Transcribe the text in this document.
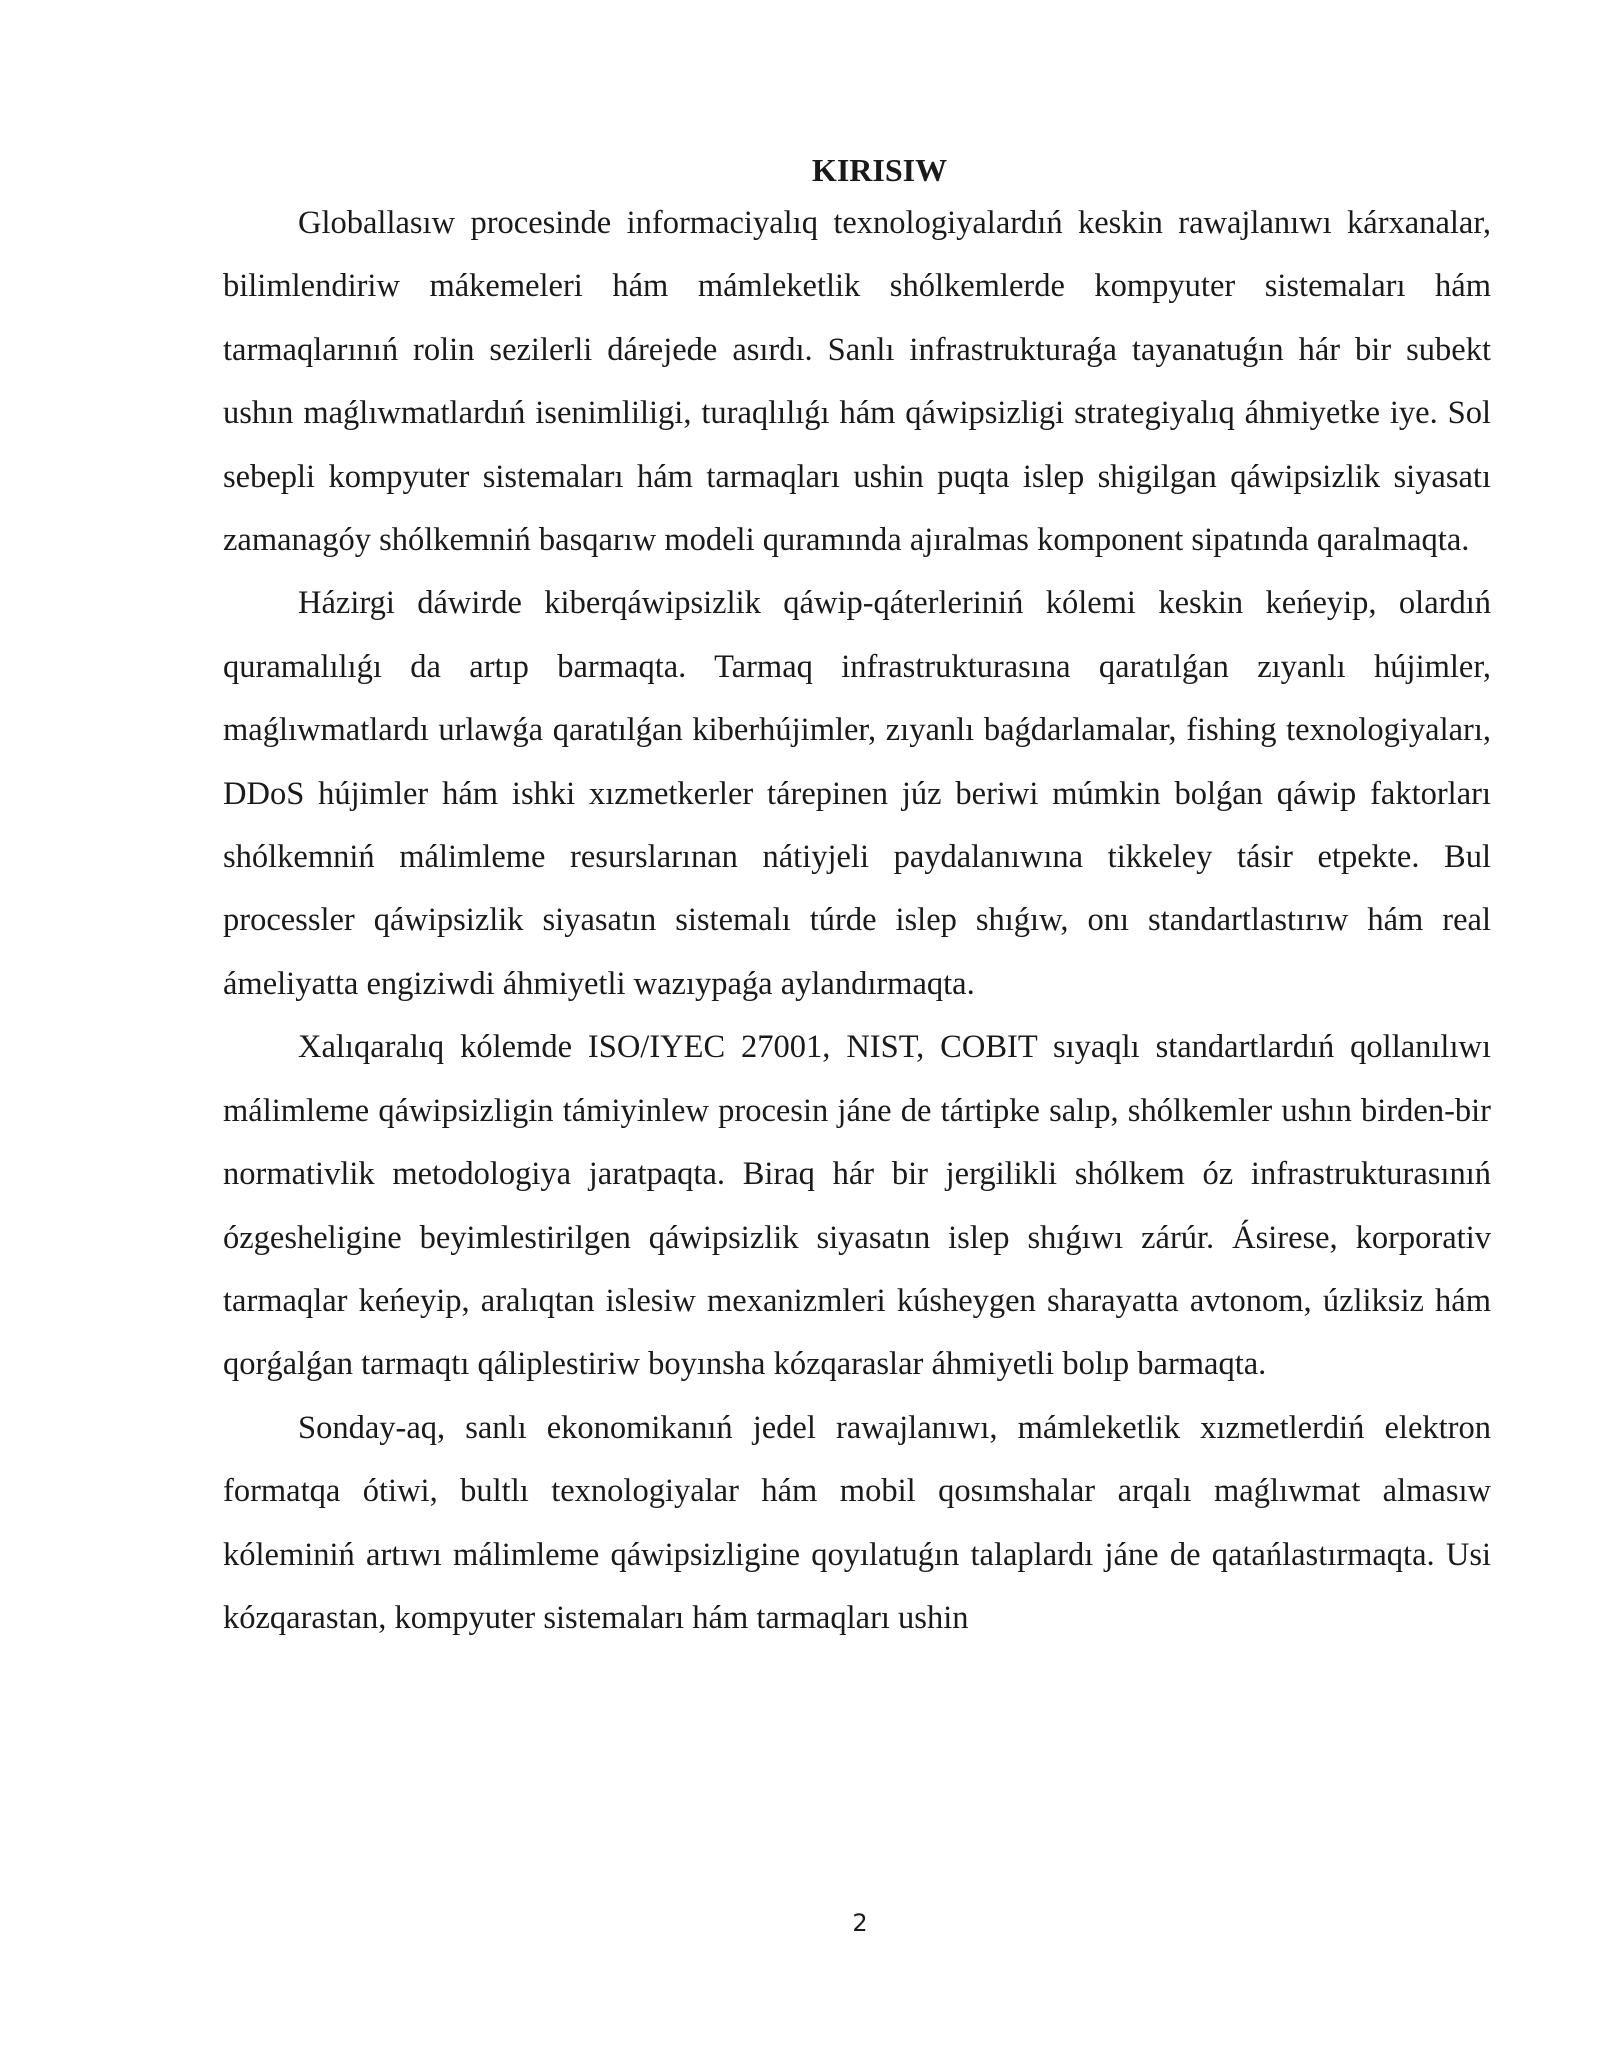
KIRISIW

Globallasıw procesinde informaciyalıq texnologiyalardıń keskin rawajlanıwı kárxanalar, bilimlendiriw mákemeleri hám mámleketlik shólkemlerde kompyuter sistemaları hám tarmaqlarınıń rolin sezilerli dárejede asırdı. Sanlı infrastrukturaǵa tayanatuǵın hár bir subekt ushın maǵlıwmatlardıń isenimliligi, turaqlılıǵı hám qáwipsizligi strategiyalıq áhmiyetke iye. Sol sebepli kompyuter sistemaları hám tarmaqları ushin puqta islep shigilgan qáwipsizlik siyasatı zamanagóy shólkemniń basqarıw modeli quramında ajıralmas komponent sipatında qaralmaqta.

Házirgi dáwirde kiberqáwipsizlik qáwip-qáterleriniń kólemi keskin keńeyip, olardıń quramalılıǵı da artıp barmaqta. Tarmaq infrastrukturasına qaratılǵan zıyanlı hújimler, maǵlıwmatlardı urlawǵa qaratılǵan kiberhújimler, zıyanlı baǵdarlamalar, fishing texnologiyaları, DDoS hújimler hám ishki xızmetkerler tárepinen júz beriwi múmkin bolǵan qáwip faktorları shólkemniń málimleme resurslarınan nátiyjeli paydalanıwına tikkeley tásir etpekte. Bul processler qáwipsizlik siyasatın sistemalı túrde islep shıǵıw, onı standartlastırıw hám real ámeliyatta engiziwdi áhmiyetli wazıypaǵa aylandırmaqta.

Xalıqaralıq kólemde ISO/IYEC 27001, NIST, COBIT sıyaqlı standartlardıń qollanılıwı málimleme qáwipsizligin támiyinlew procesin jáne de tártipke salıp, shólkemler ushın birden-bir normativlik metodologiya jaratpaqta. Biraq hár bir jergilikli shólkem óz infrastrukturasınıń ózgesheligine beyimlestirilgen qáwipsizlik siyasatın islep shıǵıwı zárúr. Ásirese, korporativ tarmaqlar keńeyip, aralıqtan islesiw mexanizmleri kúsheygen sharayatta avtonom, úzliksiz hám qorǵalǵan tarmaqtı qáliplestiriw boyınsha kózqaraslar áhmiyetli bolıp barmaqta.

Sonday-aq, sanlı ekonomikanıń jedel rawajlanıwı, mámleketlik xızmetlerdiń elektron formatqa ótiwi, bultlı texnologiyalar hám mobil qosımshalar arqalı maǵlıwmat almasıw kóleminiń artıwı málimleme qáwipsizligine qoyılatuǵın talaplardı jáne de qatańlastırmaqta. Usi kózqarastan, kompyuter sistemaları hám tarmaqları ushin

2
